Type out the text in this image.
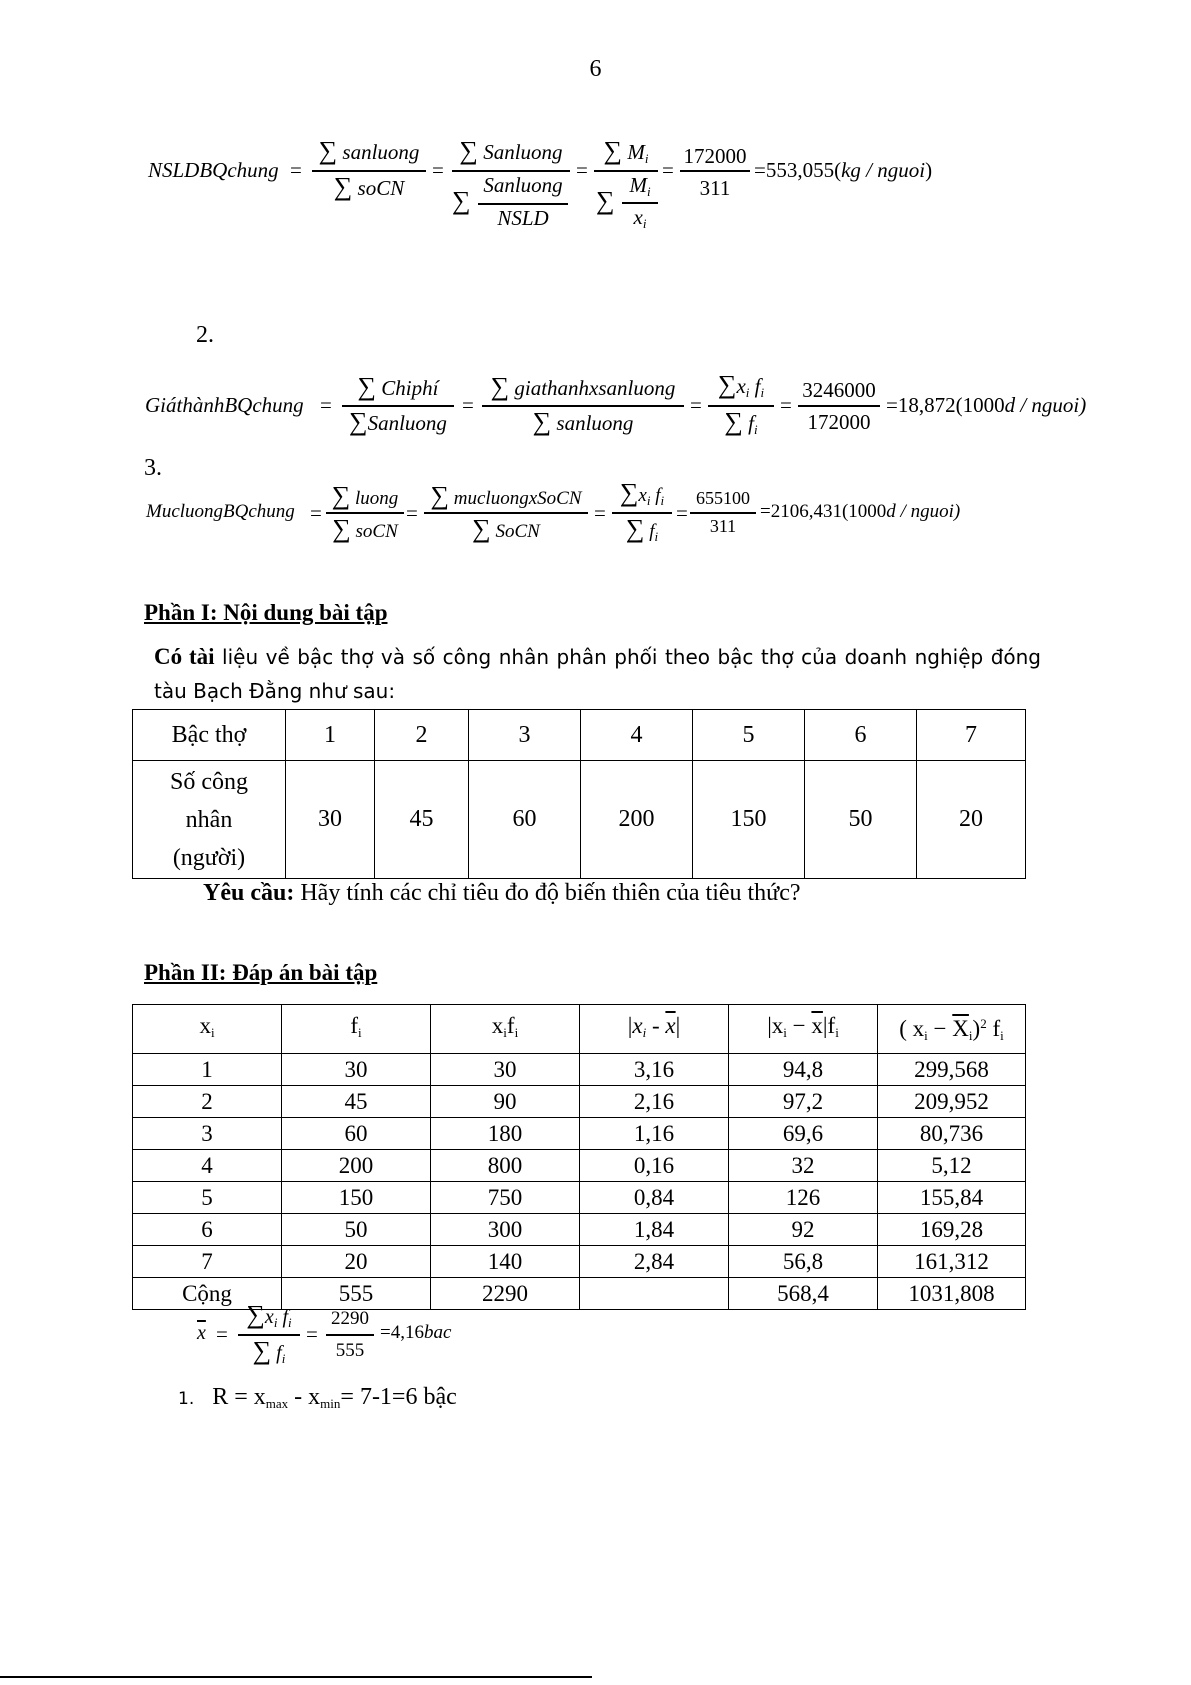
6
NSLDBQchung =
∑ sanluong
∑ soCN
=
∑ Sanluong
∑
Sanluong
NSLD
=
∑ $M_i$
∑
$M_i$
$x_i$
=
172000
311
=553,055(kg / nguoi)
2.
GiáthànhBQchung =
∑ Chiphí
∑Sanluong
=
∑ giathanhxsanluong
∑ sanluong
=
$\sum x_i$ $f_i$
∑ $f_i$
=
3246000
172000
=18,872(1000d / nguoi)
3.
MucluongBQchung =
∑ luong
∑ soCN
=
∑ mucluongxSoCN
∑ SoCN
=
$\sum x_i$ $f_i$
∑ $f_i$
=
655100
311
=2106,431(1000d / nguoi)
Phần I: Nội dung bài tập
Có tài liệu về bậc thợ và số công nhân phân phối theo bậc thợ của doanh nghiệp đóng tàu Bạch Đằng như sau:
Bậc thợ	1	2	3	4	5	6	7

Số công
nhân
(người)	30	45	60	200	150	50	20
Yêu cầu: Hãy tính các chỉ tiêu đo độ biến thiên của tiêu thức?
Phần II: Đáp án bài tập
$x_i$	$f_i$	$x_if_i$	$|x_i - \overline{x}|$	$|x_i - \overline{x}|f_i$	( $x_i - \overline{X}_i)^2$ $f_i$
1	30	30	3,16	94,8	299,568
2	45	90	2,16	97,2	209,952
3	60	180	1,16	69,6	80,736
4	200	800	0,16	32	5,12
5	150	750	0,84	126	155,84
6	50	300	1,84	92	169,28
7	20	140	2,84	56,8	161,312
Cộng	555	2290		568,4	1031,808
$\overline{x}$ =
$\sum x_i$ $f_i$
∑ $f_i$
=
2290
555
=4,16bac
1. $R = x_{max} - x_{min}= 7-1=6$ bậc
